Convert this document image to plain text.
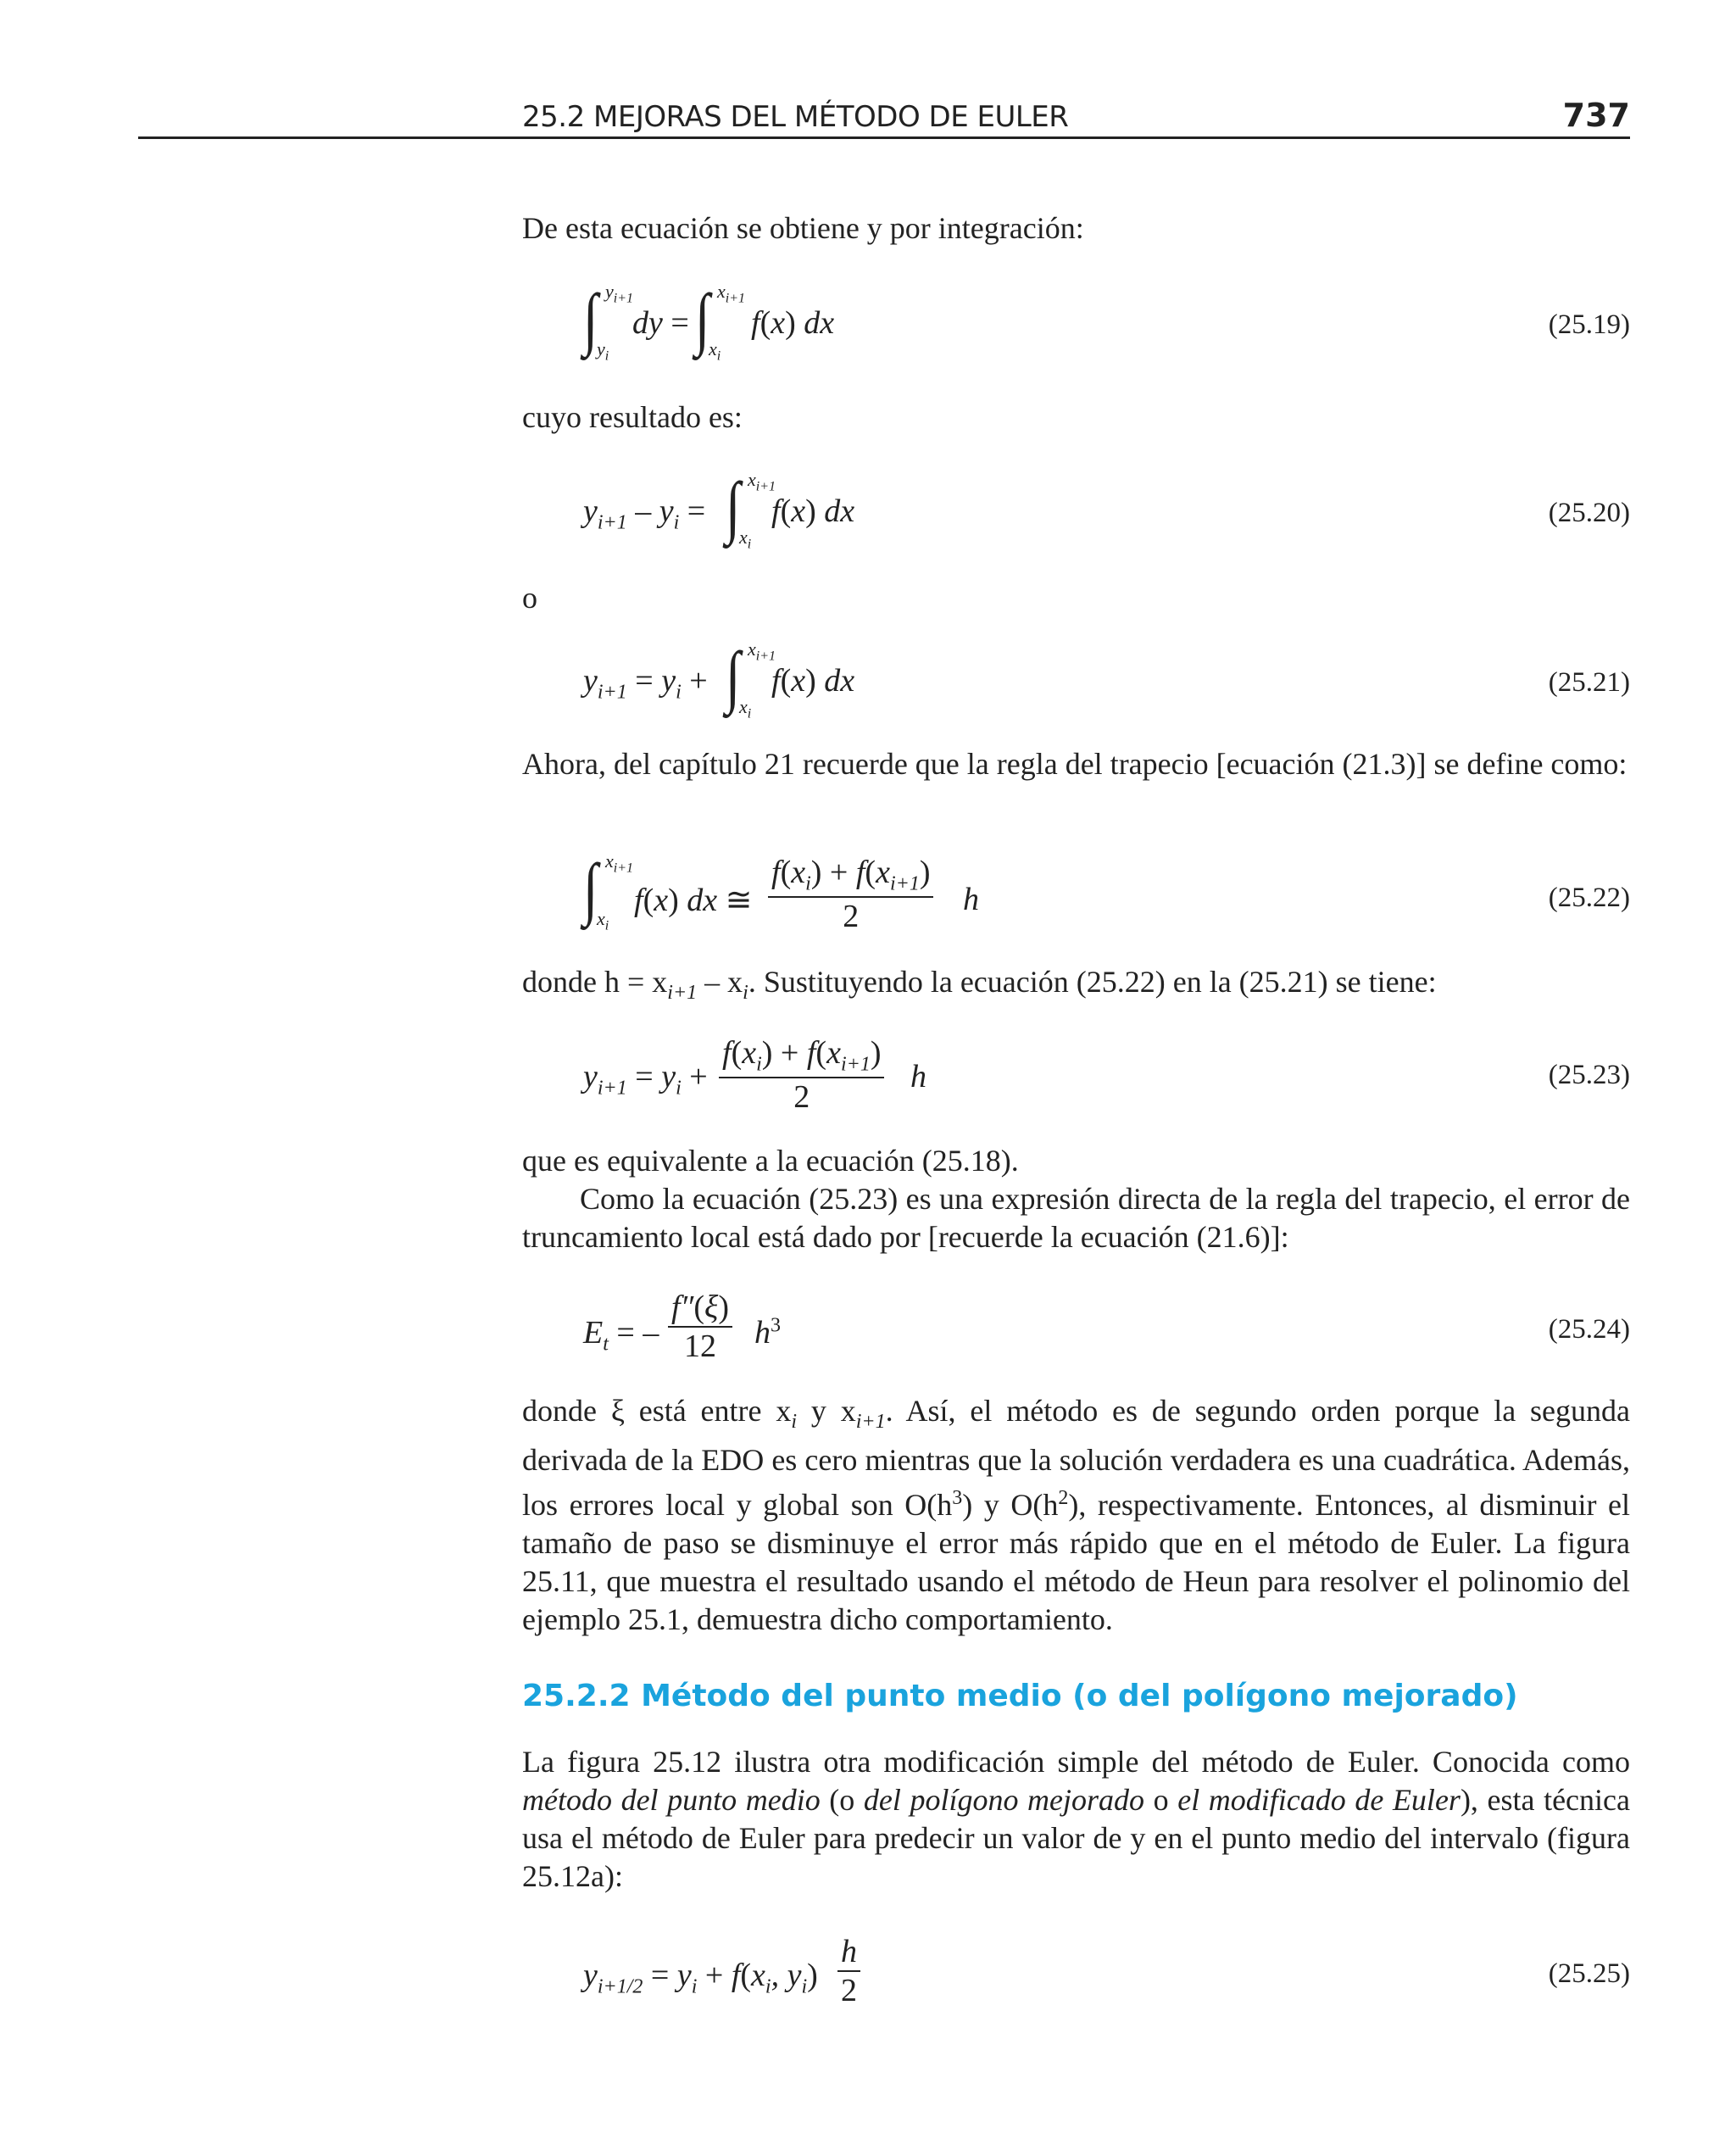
25.2 MEJORAS DEL MÉTODO DE EULER	737
De esta ecuación se obtiene y por integración:
∫ $y_{i+1}$
$y_i$
dy = ∫ $x_{i+1}$
$x_i$
f(x) dx	(25.19)
cuyo resultado es:
$y_{i+1} - y_i$ = ∫ $x_{i+1}$
$x_i$
f(x) dx	(25.20)
o
$y_{i+1} = y_i$ + ∫ $x_{i+1}$
$x_i$
f(x) dx	(25.21)
Ahora, del capítulo 21 recuerde que la regla del trapecio [ecuación (21.3)] se define como:
∫ $x_{i+1}$
$x_i$
f(x) dx ≅
$f(x_i) + f(x_{i+1})$
2	h	(25.22)
donde $h = x_{i+1} - x_i$. Sustituyendo la ecuación (25.22) en la (25.21) se tiene:
$y_{i+1} = y_i$ +
$f(x_i) + f(x_{i+1})$
2
h	(25.23)
que es equivalente a la ecuación (25.18).
Como la ecuación (25.23) es una expresión directa de la regla del trapecio, el error de truncamiento local está dado por [recuerde la ecuación (21.6)]:
$E_t$ = –
f″(ξ)
12	$h^3$	(25.24)
donde ξ está entre $x_i$ y $x_{i+1}$. Así, el método es de segundo orden porque la segunda derivada de la EDO es cero mientras que la solución verdadera es una cuadrática. Además, los errores local y global son $O(h^3)$ y $O(h^2)$, respectivamente. Entonces, al disminuir el tamaño de paso se disminuye el error más rápido que en el método de Euler. La figura 25.11, que muestra el resultado usando el método de Heun para resolver el polinomio del ejemplo 25.1, demuestra dicho comportamiento.
25.2.2 Método del punto medio (o del polígono mejorado)
La figura 25.12 ilustra otra modificación simple del método de Euler. Conocida como método del punto medio (o del polígono mejorado o el modificado de Euler), esta técnica usa el método de Euler para predecir un valor de y en el punto medio del intervalo (figura 25.12a):
$y_{i+1/2} = y_i + f(x_i$, $y_i$)
h
2	(25.25)
